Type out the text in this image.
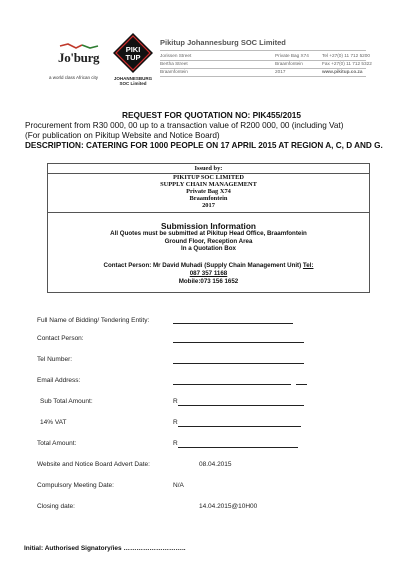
Jo'burg
a world class African city
PIKI
TUP
JOHANNESBURG
SOC Limited
Pikitup Johannesburg SOC Limited
Jorissen Street
Bertha Street
Braamfontein
Private Bag X74
Braamfontein
2017
Tel +27(0) 11 712 5200
Fax +27(0) 11 712 5322
www.pikitup.co.za
REQUEST FOR QUOTATION NO: PIK455/2015
Procurement from R30 000, 00 up to a transaction value of R200 000, 00 (including Vat)
(For publication on Pikitup Website and Notice Board)
DESCRIPTION: CATERING FOR 1000 PEOPLE ON 17 APRIL 2015 AT REGION A, C, D AND G.
Issued by:
PIKITUP SOC LIMITED
SUPPLY CHAIN MANAGEMENT
Private Bag X74
Braamfontein
2017
Submission Information
All Quotes must be submitted at Pikitup Head Office, Braamfontein
Ground Floor, Reception Area
In a Quotation Box
Contact Person: Mr David Muhadi (Supply Chain Management Unit) Tel:
087 357 1168
Mobile:073 156 1652
Full Name of Bidding/ Tendering Entity:
Contact Person:
Tel Number:
Email Address:
Sub Total Amount:	R
14% VAT	R
Total Amount:	R
Website and Notice Board Advert Date:	08.04.2015
Compulsory Meeting Date:	N/A
Closing date:	14.04.2015@10H00
Initial: Authorised Signatory/ies ………………………..
